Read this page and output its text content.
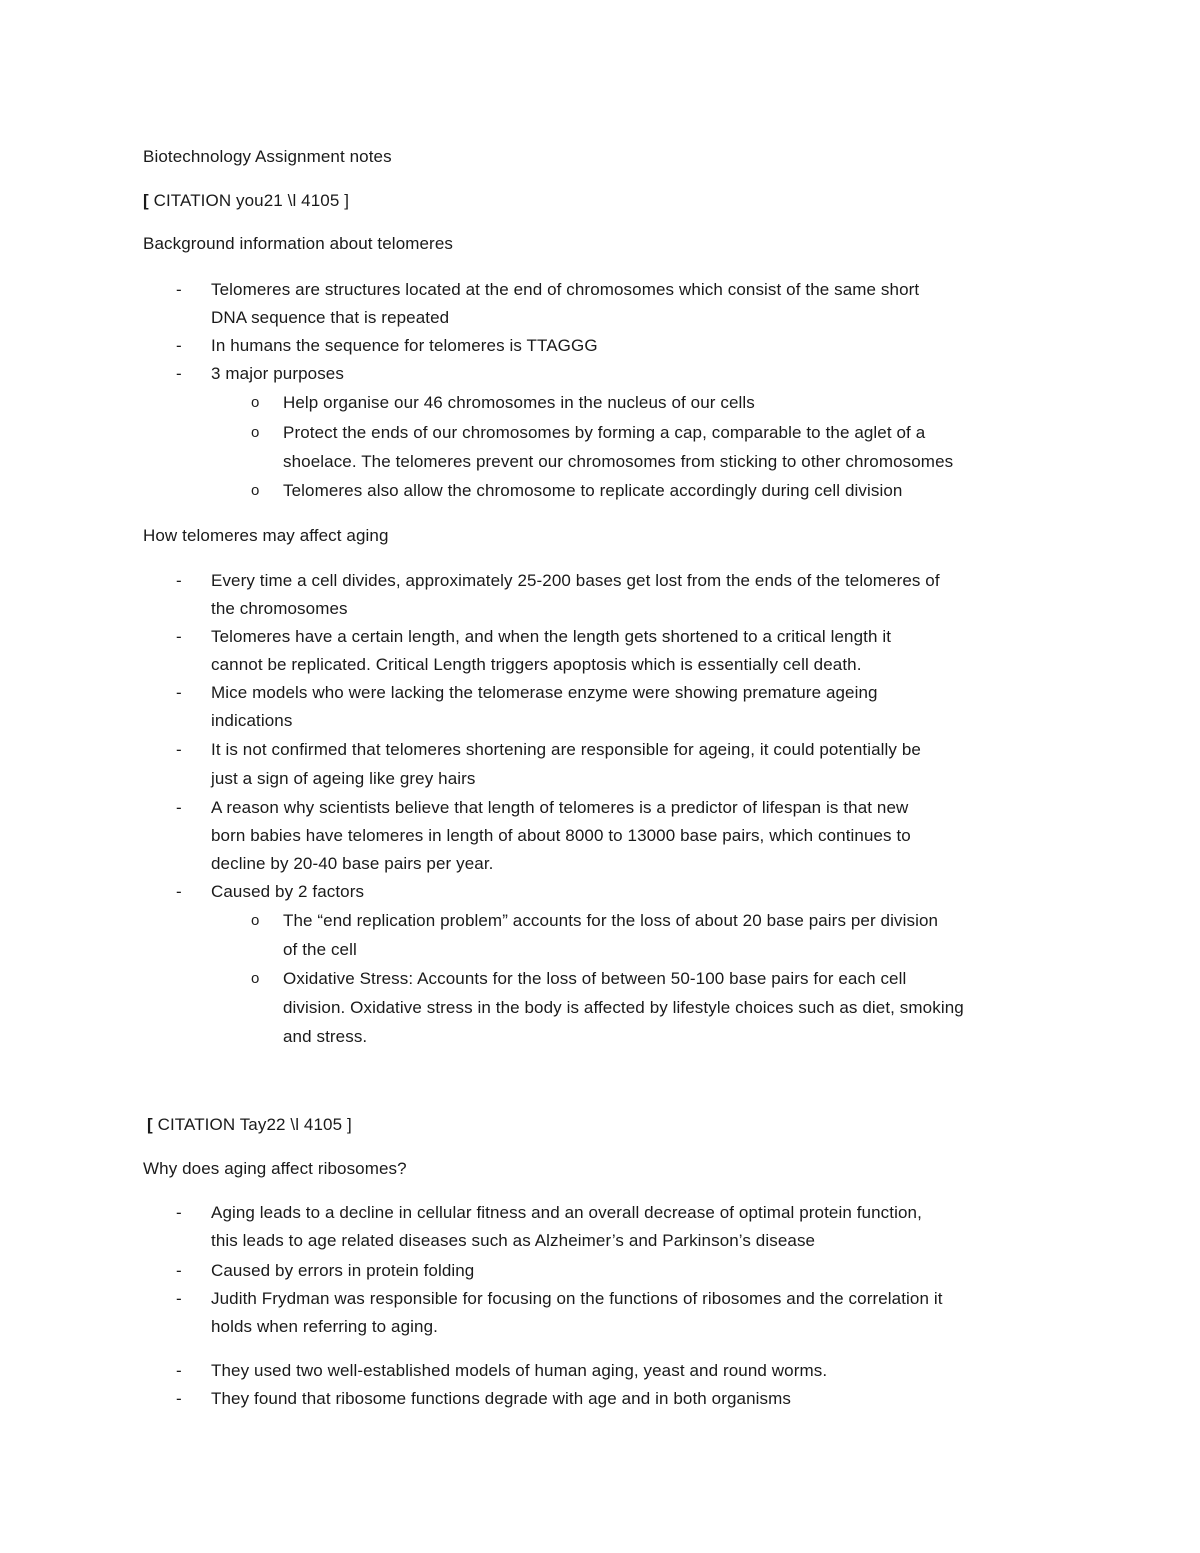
Biotechnology Assignment notes
[ CITATION you21 \l 4105 ]
Background information about telomeres
-	Telomeres are structures located at the end of chromosomes which consist of the same short
DNA sequence that is repeated
-	In humans the sequence for telomeres is TTAGGG
-	3 major purposes
o Help organise our 46 chromosomes in the nucleus of our cells
o Protect the ends of our chromosomes by forming a cap, comparable to the aglet of a
shoelace. The telomeres prevent our chromosomes from sticking to other chromosomes
o Telomeres also allow the chromosome to replicate accordingly during cell division
How telomeres may affect aging
-	Every time a cell divides, approximately 25-200 bases get lost from the ends of the telomeres of
the chromosomes
-	Telomeres have a certain length, and when the length gets shortened to a critical length it
cannot be replicated. Critical Length triggers apoptosis which is essentially cell death.
-	Mice models who were lacking the telomerase enzyme were showing premature ageing
indications
-	It is not confirmed that telomeres shortening are responsible for ageing, it could potentially be
just a sign of ageing like grey hairs
-	A reason why scientists believe that length of telomeres is a predictor of lifespan is that new
born babies have telomeres in length of about 8000 to 13000 base pairs, which continues to
decline by 20-40 base pairs per year.
-	Caused by 2 factors
o The “end replication problem” accounts for the loss of about 20 base pairs per division
of the cell
o Oxidative Stress: Accounts for the loss of between 50-100 base pairs for each cell
division. Oxidative stress in the body is affected by lifestyle choices such as diet, smoking
and stress.
[ CITATION Tay22 \l 4105 ]
Why does aging affect ribosomes?
-	Aging leads to a decline in cellular fitness and an overall decrease of optimal protein function,
this leads to age related diseases such as Alzheimer’s and Parkinson’s disease
-	Caused by errors in protein folding
-	Judith Frydman was responsible for focusing on the functions of ribosomes and the correlation it
holds when referring to aging.
-	They used two well-established models of human aging, yeast and round worms.
-	They found that ribosome functions degrade with age and in both organisms
